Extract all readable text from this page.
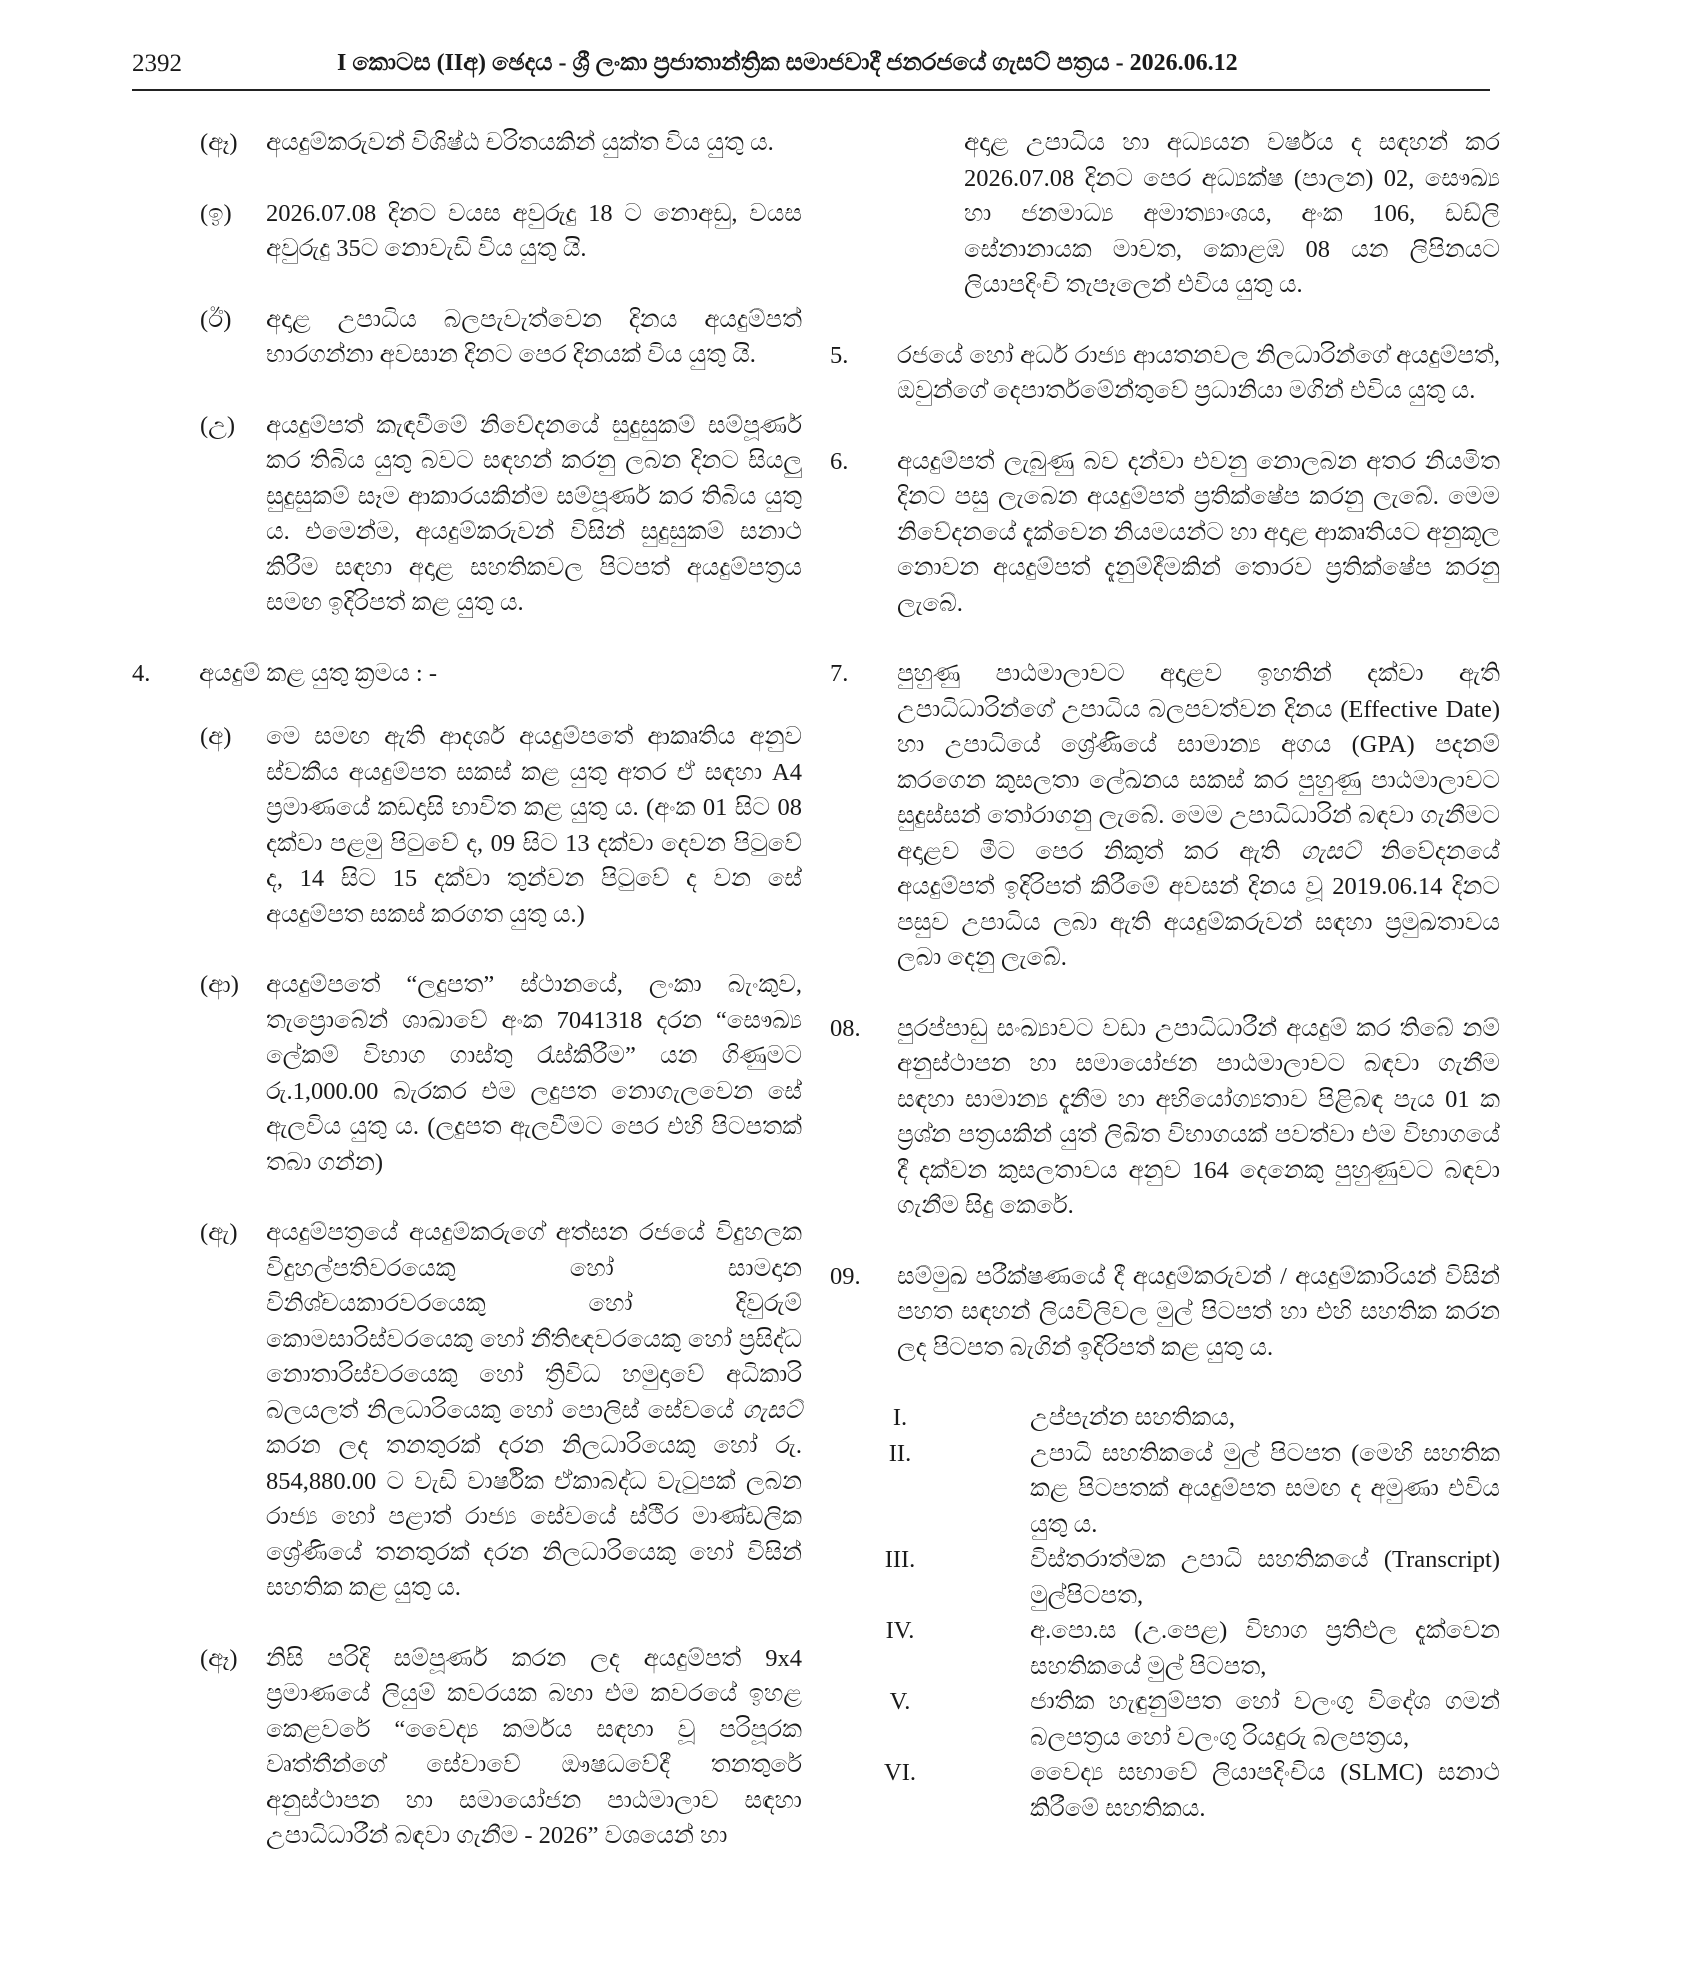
2392	I කොටස (IIඅ) ඡෙදය - ශ්‍රී ලංකා ප්‍රජාතාන්ත්‍රික සමාජවාදී ජනරජයේ ගැසට් පත්‍රය - 2026.06.12
(ඈ) අයදුම්කරුවන් විශිෂ්ඨ චරිතයකින් යුක්ත විය යුතු ය.
(ඉ) 2026.07.08 දිනට වයස අවුරුදු 18 ට නොඅඩු, වයස අවුරුදු 35ට නොවැඩි විය යුතු යි.
(ඊ) අදාළ උපාධිය බලපැවැත්වෙන දිනය අයදුම්පත් භාරගන්නා අවසාන දිනට පෙර දිනයක් විය යුතු යි.
(උ) අයදුම්පත් කැඳවීමේ නිවේදනයේ සුදුසුකම් සම්පූර්ණ කර තිබිය යුතු බවට සඳහන් කරනු ලබන දිනට සියලු සුදුසුකම් සෑම ආකාරයකින්ම සම්පූර්ණ කර තිබිය යුතු ය. එමෙන්ම, අයදුම්කරුවන් විසින් සුදුසුකම් සනාථ කිරීම සඳහා අදාළ සහතිකවල පිටපත් අයදුම්පත්‍රය සමඟ ඉදිරිපත් කළ යුතු ය.
4. අයදුම් කළ යුතු ක්‍රමය : -
(අ) මෙ සමඟ ඇති ආදර්ශ අයදුම්පතේ ආකෘතිය අනුව ස්වකීය අයදුම්පත සකස් කළ යුතු අතර ඒ සඳහා A4 ප්‍රමාණයේ කඩදාසි භාවිත කළ යුතු ය. (අංක 01 සිට 08 දක්වා පළමු පිටුවේ ද, 09 සිට 13 දක්වා දෙවන පිටුවේ ද, 14 සිට 15 දක්වා තුන්වන පිටුවේ ද වන සේ අයදුම්පත සකස් කරගත යුතු ය.)
(ආ) අයදුම්පතේ “ලදුපත” ස්ථානයේ, ලංකා බැංකුව, තැප්‍රොබේන් ශාඛාවේ අංක 7041318 දරන “සෞඛ්‍ය ලේකම් විභාග ගාස්තු රැස්කිරීම” යන ගිණුමට රු.1,000.00 බැරකර එම ලදුපත නොගැලවෙන සේ ඇලවිය යුතු ය. (ලදුපත ඇලවීමට පෙර එහි පිටපතක් තබා ගන්න)
(ඇ) අයදුම්පත්‍රයේ අයදුම්කරුගේ අත්සන රජයේ විදුහලක විදුහල්පතිවරයෙකු හෝ සාමදාන විනිශ්චයකාරවරයෙකු හෝ දිවුරුම් කොමසාරිස්වරයෙකු හෝ නීතිඥවරයෙකු හෝ ප්‍රසිද්ධ නොතාරිස්වරයෙකු හෝ ත්‍රිවිධ හමුදාවේ අධිකාරි බලයලත් නිලධාරියෙකු හෝ පොලිස් සේවයේ ගැසට් කරන ලද තනතුරක් දරන නිලධාරියෙකු හෝ රු. 854,880.00 ට වැඩි වාර්ෂික ඒකාබද්ධ වැටුපක් ලබන රාජ්‍ය හෝ පළාත් රාජ්‍ය සේවයේ ස්ථිර මාණ්ඩලික ශ්‍රේණියේ තනතුරක් දරන නිලධාරියෙකු හෝ විසින් සහතික කළ යුතු ය.
(ඈ) නිසි පරිදි සම්පූර්ණ කරන ලද අයදුම්පත් 9x4 ප්‍රමාණයේ ලියුම් කවරයක බහා එම කවරයේ ඉහළ කෙළවරේ “වෛද්‍ය කර්මය සඳහා වූ පරිපූරක වෘත්තීන්ගේ සේවාවේ ඖෂධවේදී තනතුරේ අනුස්ථාපන හා සමායෝජන පාඨමාලාව සඳහා උපාධිධාරීන් බඳවා ගැනීම - 2026” වශයෙන් හා
අදාළ උපාධිය හා අධ්‍යයන වර්ෂය ද සඳහන් කර 2026.07.08 දිනට පෙර අධ්‍යක්ෂ (පාලන) 02, සෞඛ්‍ය හා ජනමාධ්‍ය අමාත්‍යාංශය, අංක 106, ඩඩ්ලි සේනානායක මාවත, කොළඹ 08 යන ලිපිනයට ලියාපදිංචි තැපෑලෙන් එවිය යුතු ය.
5. රජයේ හෝ අර්ධ රාජ්‍ය ආයතනවල නිලධාරින්ගේ අයදුම්පත්, ඔවුන්ගේ දෙපාර්තමේන්තුවේ ප්‍රධානියා මගින් එවිය යුතු ය.
6. අයදුම්පත් ලැබුණු බව දන්වා එවනු නොලබන අතර නියමිත දිනට පසු ලැබෙන අයදුම්පත් ප්‍රතික්ෂේප කරනු ලැබේ. මෙම නිවේදනයේ දැක්වෙන නියමයන්ට හා අදාළ ආකෘතියට අනුකූල නොවන අයදුම්පත් දැනුම්දීමකින් තොරව ප්‍රතික්ෂේප කරනු ලැබේ.
7. පුහුණු පාඨමාලාවට අදාළව ඉහතින් දක්වා ඇති උපාධිධාරින්ගේ උපාධිය බලපවත්වන දිනය (Effective Date) හා උපාධියේ ශ්‍රේණියේ සාමාන්‍ය අගය (GPA) පදනම් කරගෙන කුසලතා ලේඛනය සකස් කර පුහුණු පාඨමාලාවට සුදුස්සන් තෝරාගනු ලැබේ. මෙම උපාධිධාරින් බඳවා ගැනීමට අදාළව මීට පෙර නිකුත් කර ඇති ගැසට් නිවේදනයේ අයදුම්පත් ඉදිරිපත් කිරීමේ අවසන් දිනය වූ 2019.06.14 දිනට පසුව උපාධිය ලබා ඇති අයදුම්කරුවන් සඳහා ප්‍රමුඛතාවය ලබා දෙනු ලැබේ.
08. පුරප්පාඩු සංඛ්‍යාවට වඩා උපාධිධාරීන් අයදුම් කර තිබේ නම් අනුස්ථාපන හා සමායෝජන පාඨමාලාවට බඳවා ගැනීම සඳහා සාමාන්‍ය දැනීම හා අභියෝග්‍යතාව පිළිබඳ පැය 01 ක ප්‍රශ්න පත්‍රයකින් යුත් ලිඛිත විභාගයක් පවත්වා එම විභාගයේ දී දක්වන කුසලතාවය අනුව 164 දෙනෙකු පුහුණුවට බඳවා ගැනීම සිදු කෙරේ.
09. සම්මුඛ පරීක්ෂණයේ දී අයදුම්කරුවන් / අයදුම්කාරියන් විසින් පහත සඳහන් ලියවිලිවල මුල් පිටපත් හා එහි සහතික කරන ලද පිටපත බැගින් ඉදිරිපත් කළ යුතු ය.
I.	උප්පැන්න සහතිකය,
II.	උපාධි සහතිකයේ මුල් පිටපත (මෙහි සහතික කළ පිටපතක් අයදුම්පත සමඟ ද අමුණා එවිය යුතු ය.
III.	විස්තරාත්මක උපාධි සහතිකයේ (Transcript) මුල්පිටපත,
IV.	අ.පො.ස (උ.පෙළ) විභාග ප්‍රතිඵල දැක්වෙන සහතිකයේ මුල් පිටපත,
V.	ජාතික හැඳුනුම්පත හෝ වලංගු විදේශ ගමන් බලපත්‍රය හෝ වලංගු රියදුරු බලපත්‍රය,
VI.	වෛද්‍ය සභාවේ ලියාපදිංචිය (SLMC) සනාථ කිරීමේ සහතිකය.
